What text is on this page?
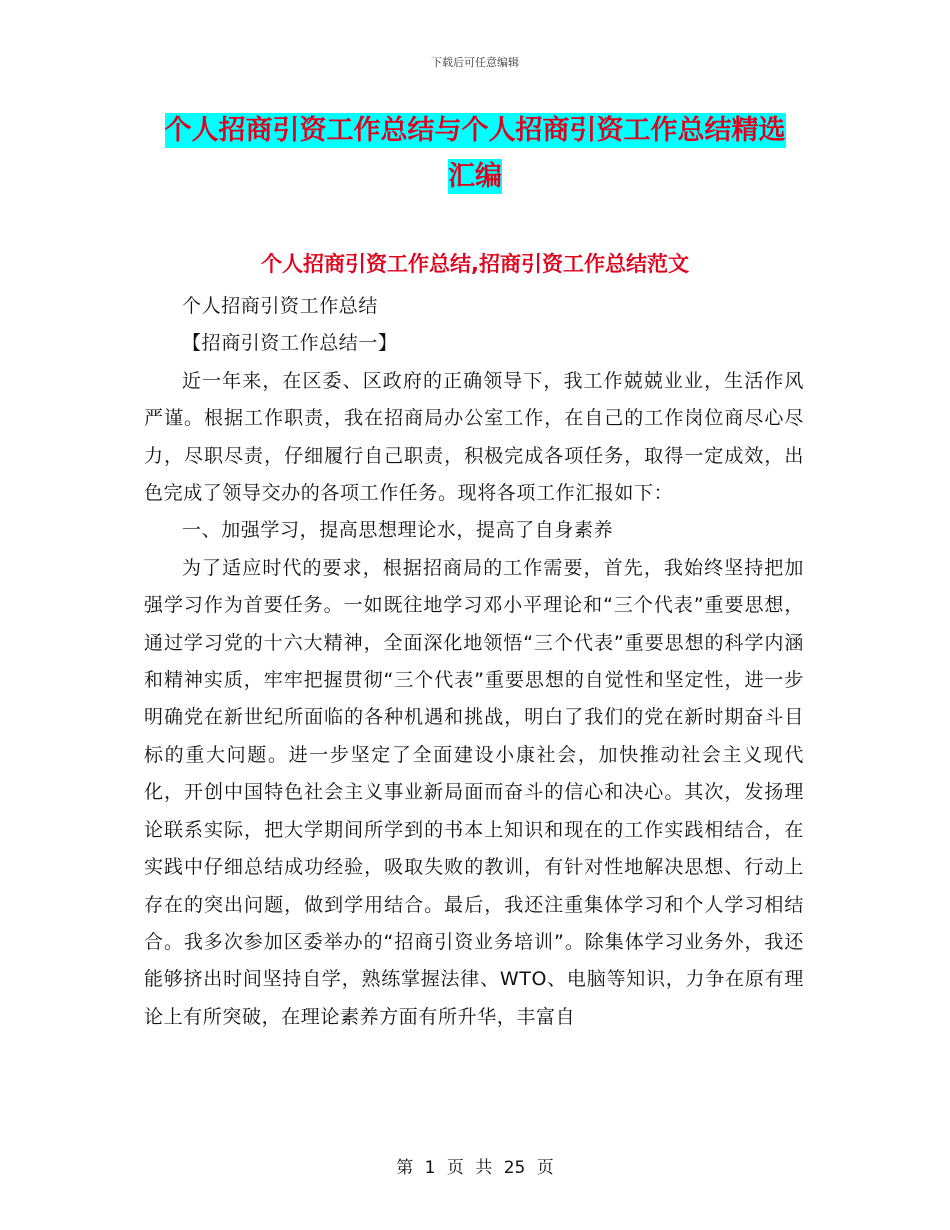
下载后可任意编辑
个人招商引资工作总结与个人招商引资工作总结精选
汇编
个人招商引资工作总结,招商引资工作总结范文

个人招商引资工作总结

【招商引资工作总结一】

近一年来，在区委、区政府的正确领导下，我工作兢兢业业，生活作风严谨。根据工作职责，我在招商局办公室工作，在自己的工作岗位商尽心尽力，尽职尽责，仔细履行自己职责，积极完成各项任务，取得一定成效，出色完成了领导交办的各项工作任务。现将各项工作汇报如下：

一、加强学习，提高思想理论水，提高了自身素养

为了适应时代的要求，根据招商局的工作需要，首先，我始终坚持把加强学习作为首要任务。一如既往地学习邓小平理论和“三个代表”重要思想，通过学习党的十六大精神，全面深化地领悟“三个代表”重要思想的科学内涵和精神实质，牢牢把握贯彻“三个代表”重要思想的自觉性和坚定性，进一步明确党在新世纪所面临的各种机遇和挑战，明白了我们的党在新时期奋斗目标的重大问题。进一步坚定了全面建设小康社会，加快推动社会主义现代化，开创中国特色社会主义事业新局面而奋斗的信心和决心。其次，发扬理论联系实际，把大学期间所学到的书本上知识和现在的工作实践相结合，在实践中仔细总结成功经验，吸取失败的教训，有针对性地解决思想、行动上存在的突出问题，做到学用结合。最后，我还注重集体学习和个人学习相结合。我多次参加区委举办的“招商引资业务培训”。除集体学习业务外，我还能够挤出时间坚持自学，熟练掌握法律、WTO、电脑等知识，力争在原有理论上有所突破，在理论素养方面有所升华，丰富自

第 1 页 共 25 页
